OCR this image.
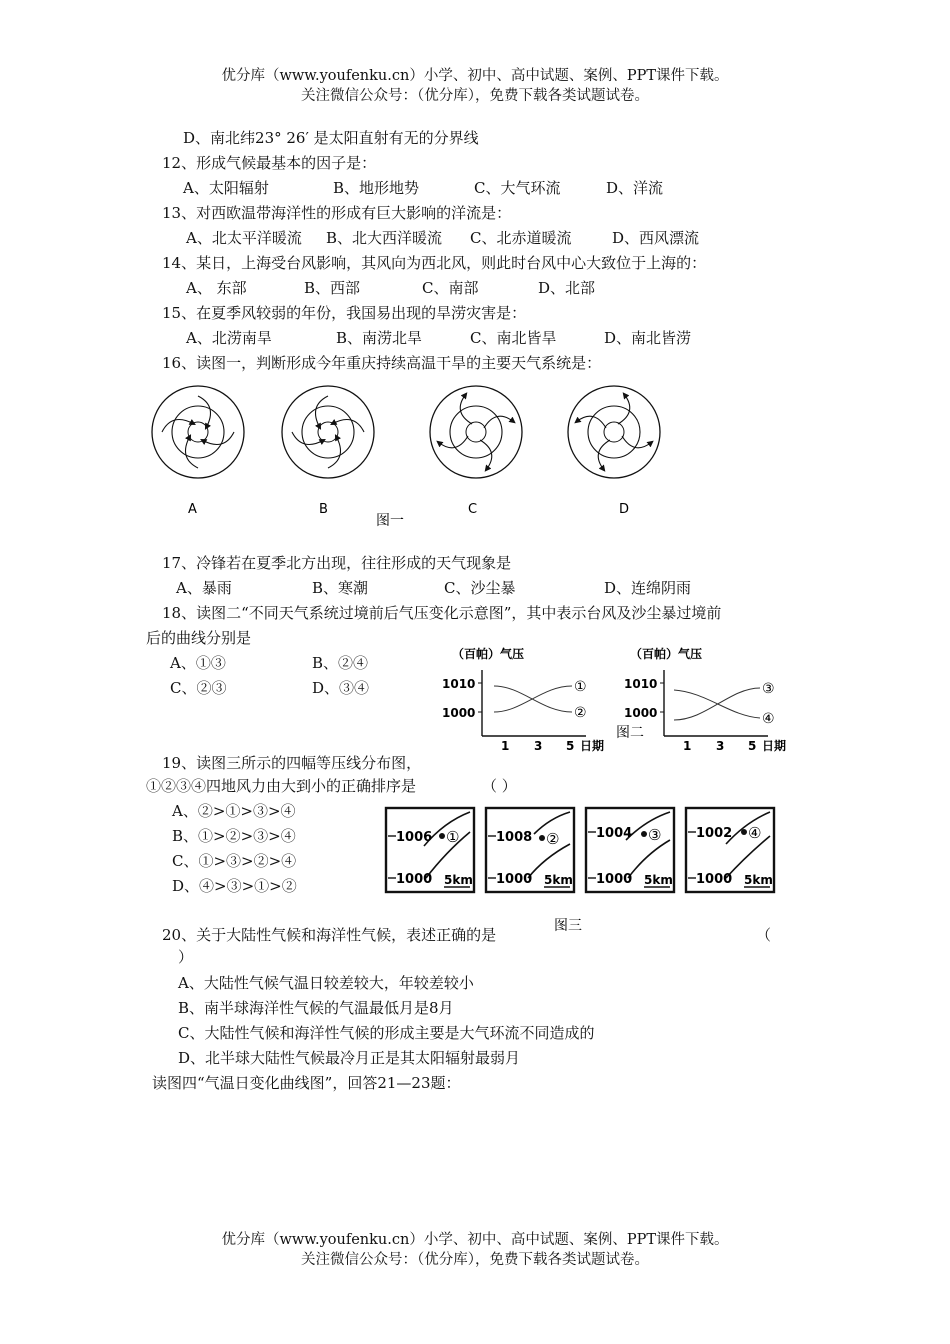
优分库（www.youfenku.cn）小学、初中、高中试题、案例、PPT课件下载。
关注微信公众号：（优分库），免费下载各类试题试卷。
D、南北纬23° 26′ 是太阳直射有无的分界线
12、形成气候最基本的因子是：
A、太阳辐射	B、地形地势	C、大气环流	D、洋流
13、对西欧温带海洋性的形成有巨大影响的洋流是：
A、北太平洋暖流 B、北大西洋暖流 C、北赤道暖流	D、西风漂流
14、某日，上海受台风影响，其风向为西北风，则此时台风中心大致位于上海的：
A、 东部	B、西部	C、南部	D、北部
15、在夏季风较弱的年份，我国易出现的旱涝灾害是：
A、北涝南旱	B、南涝北旱	C、南北皆旱	D、南北皆涝
16、读图一，判断形成今年重庆持续高温干旱的主要天气系统是：
A	B	C	D
图一
17、冷锋若在夏季北方出现，往往形成的天气现象是
A、暴雨	B、寒潮	C、沙尘暴	D、连绵阴雨
18、读图二“不同天气系统过境前后气压变化示意图”，其中表示台风及沙尘暴过境前
后的曲线分别是
A、①③	B、②④
C、②③	D、③④
（百帕）气压
1010
1000
①
②
1 3 5 日期
图二
（百帕）气压
1010
1000
③
④
1 3 5 日期
19、读图三所示的四幅等压线分布图，
①②③④四地风力由大到小的正确排序是	（ ）
A、②>①>③>④
B、①>②>③>④
C、①>③>②>④
D、④>③>①>②
1006
1000
①
5km
1008
1000
②
5km
1004
1000
③
5km
1002
1000
④
5km
图三
20、关于大陆性气候和海洋性气候，表述正确的是	（
）
A、大陆性气候气温日较差较大，年较差较小
B、南半球海洋性气候的气温最低月是8月
C、大陆性气候和海洋性气候的形成主要是大气环流不同造成的
D、北半球大陆性气候最冷月正是其太阳辐射最弱月
读图四“气温日变化曲线图”，回答21—23题：
优分库（www.youfenku.cn）小学、初中、高中试题、案例、PPT课件下载。
关注微信公众号：（优分库），免费下载各类试题试卷。
